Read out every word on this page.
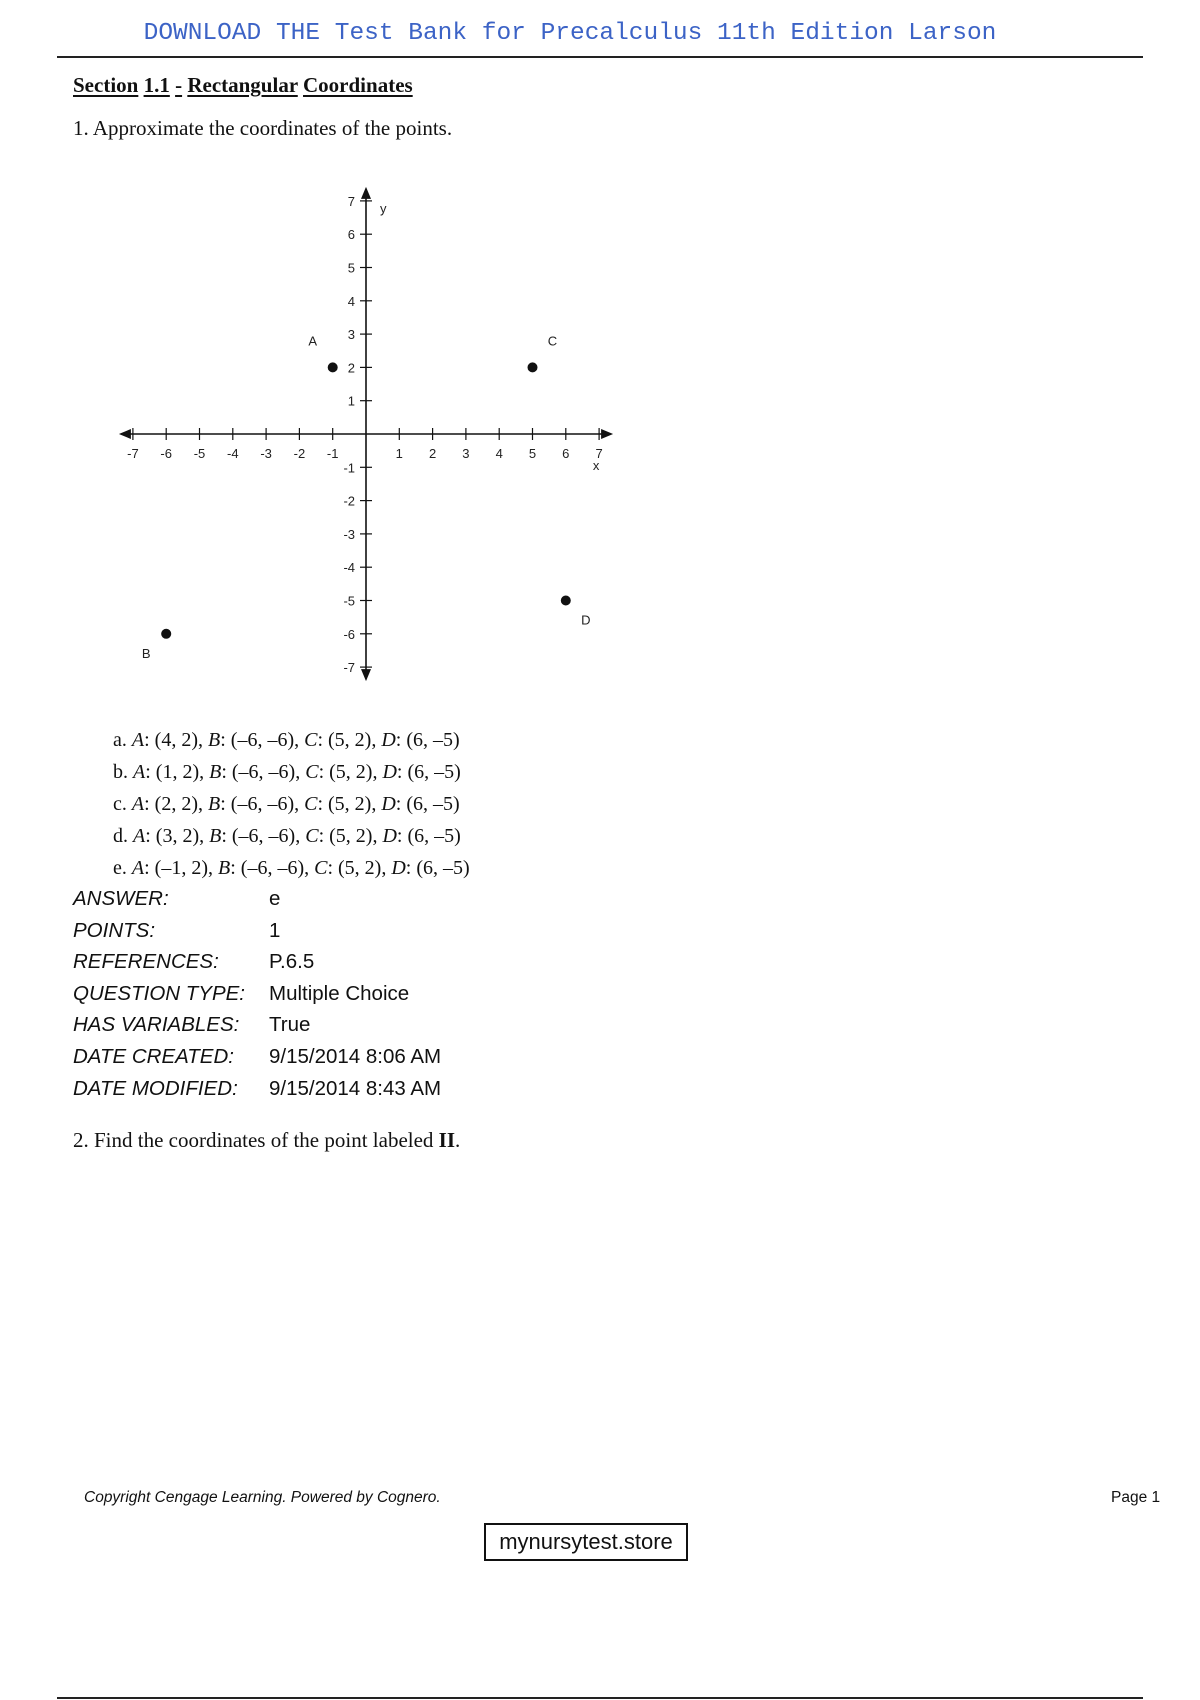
DOWNLOAD THE Test Bank for Precalculus 11th Edition Larson
Section 1.1 - Rectangular Coordinates
1. Approximate the coordinates of the points.
-7 -6 -5 -4 -3 -2 -1	1 2 3 4 5 6 7
7
6
5
4
3
2
1
-1
-2
-3
-4
-5
-6
-7
x
y
A
B
C
D
a. A: (4, 2), B: (–6, –6), C: (5, 2), D: (6, –5)
b. A: (1, 2), B: (–6, –6), C: (5, 2), D: (6, –5)
c. A: (2, 2), B: (–6, –6), C: (5, 2), D: (6, –5)
d. A: (3, 2), B: (–6, –6), C: (5, 2), D: (6, –5)
e. A: (–1, 2), B: (–6, –6), C: (5, 2), D: (6, –5)
ANSWER:	e
POINTS:	1
REFERENCES:	P.6.5
QUESTION TYPE:	Multiple Choice
HAS VARIABLES:	True
DATE CREATED:	9/15/2014 8:06 AM
DATE MODIFIED:	9/15/2014 8:43 AM
2. Find the coordinates of the point labeled II.
Copyright Cengage Learning. Powered by Cognero.	Page 1
mynursytest.store
